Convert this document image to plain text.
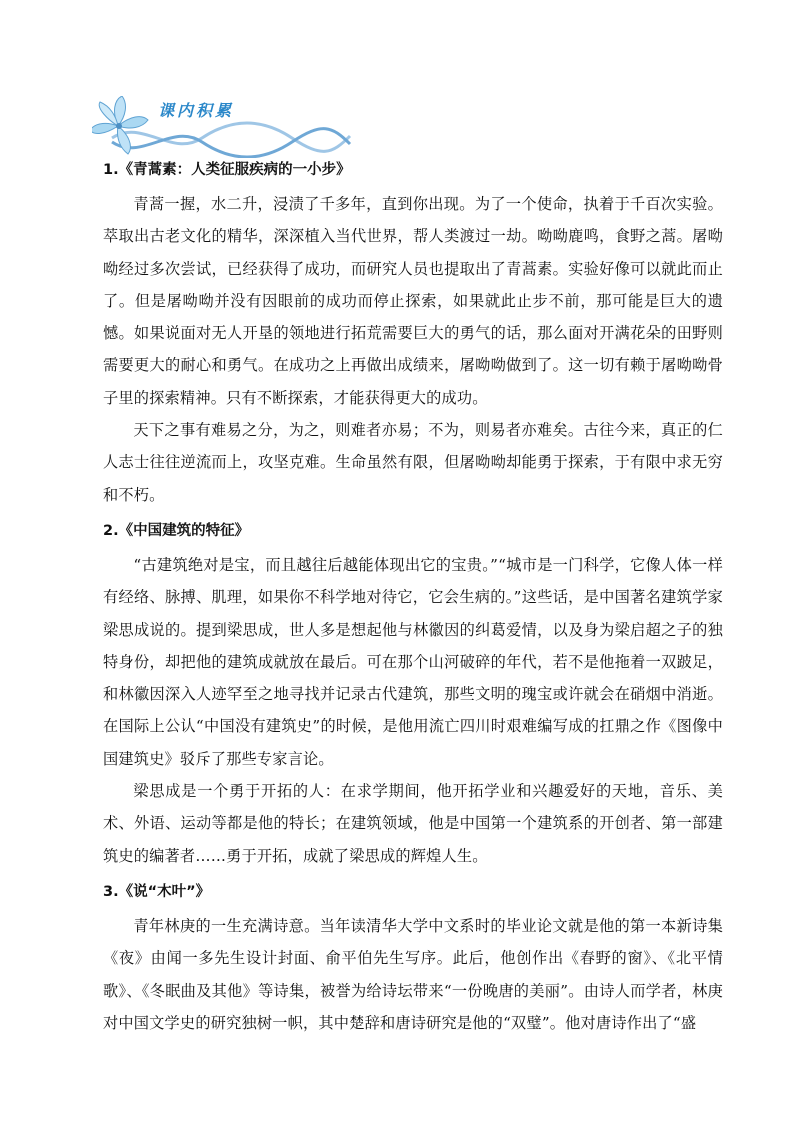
课内积累
1.《青蒿素：人类征服疾病的一小步》

青蒿一握，水二升，浸渍了千多年，直到你出现。为了一个使命，执着于千百次实验。萃取出古老文化的精华，深深植入当代世界，帮人类渡过一劫。呦呦鹿鸣，食野之蒿。屠呦呦经过多次尝试，已经获得了成功，而研究人员也提取出了青蒿素。实验好像可以就此而止了。但是屠呦呦并没有因眼前的成功而停止探索，如果就此止步不前，那可能是巨大的遗憾。如果说面对无人开垦的领地进行拓荒需要巨大的勇气的话，那么面对开满花朵的田野则需要更大的耐心和勇气。在成功之上再做出成绩来，屠呦呦做到了。这一切有赖于屠呦呦骨子里的探索精神。只有不断探索，才能获得更大的成功。

天下之事有难易之分，为之，则难者亦易；不为，则易者亦难矣。古往今来，真正的仁人志士往往逆流而上，攻坚克难。生命虽然有限，但屠呦呦却能勇于探索，于有限中求无穷和不朽。

2.《中国建筑的特征》

“古建筑绝对是宝，而且越往后越能体现出它的宝贵。”“城市是一门科学，它像人体一样有经络、脉搏、肌理，如果你不科学地对待它，它会生病的。”这些话，是中国著名建筑学家梁思成说的。提到梁思成，世人多是想起他与林徽因的纠葛爱情，以及身为梁启超之子的独特身份，却把他的建筑成就放在最后。可在那个山河破碎的年代，若不是他拖着一双跛足，和林徽因深入人迹罕至之地寻找并记录古代建筑，那些文明的瑰宝或许就会在硝烟中消逝。在国际上公认“中国没有建筑史”的时候，是他用流亡四川时艰难编写成的扛鼎之作《图像中国建筑史》驳斥了那些专家言论。

梁思成是一个勇于开拓的人：在求学期间，他开拓学业和兴趣爱好的天地，音乐、美术、外语、运动等都是他的特长；在建筑领域，他是中国第一个建筑系的开创者、第一部建筑史的编著者……勇于开拓，成就了梁思成的辉煌人生。

3.《说“木叶”》

青年林庚的一生充满诗意。当年读清华大学中文系时的毕业论文就是他的第一本新诗集《夜》由闻一多先生设计封面、俞平伯先生写序。此后，他创作出《春野的窗》、《北平情歌》、《冬眠曲及其他》等诗集，被誉为给诗坛带来“一份晚唐的美丽”。由诗人而学者，林庚对中国文学史的研究独树一帜，其中楚辞和唐诗研究是他的“双璧”。他对唐诗作出了“盛
